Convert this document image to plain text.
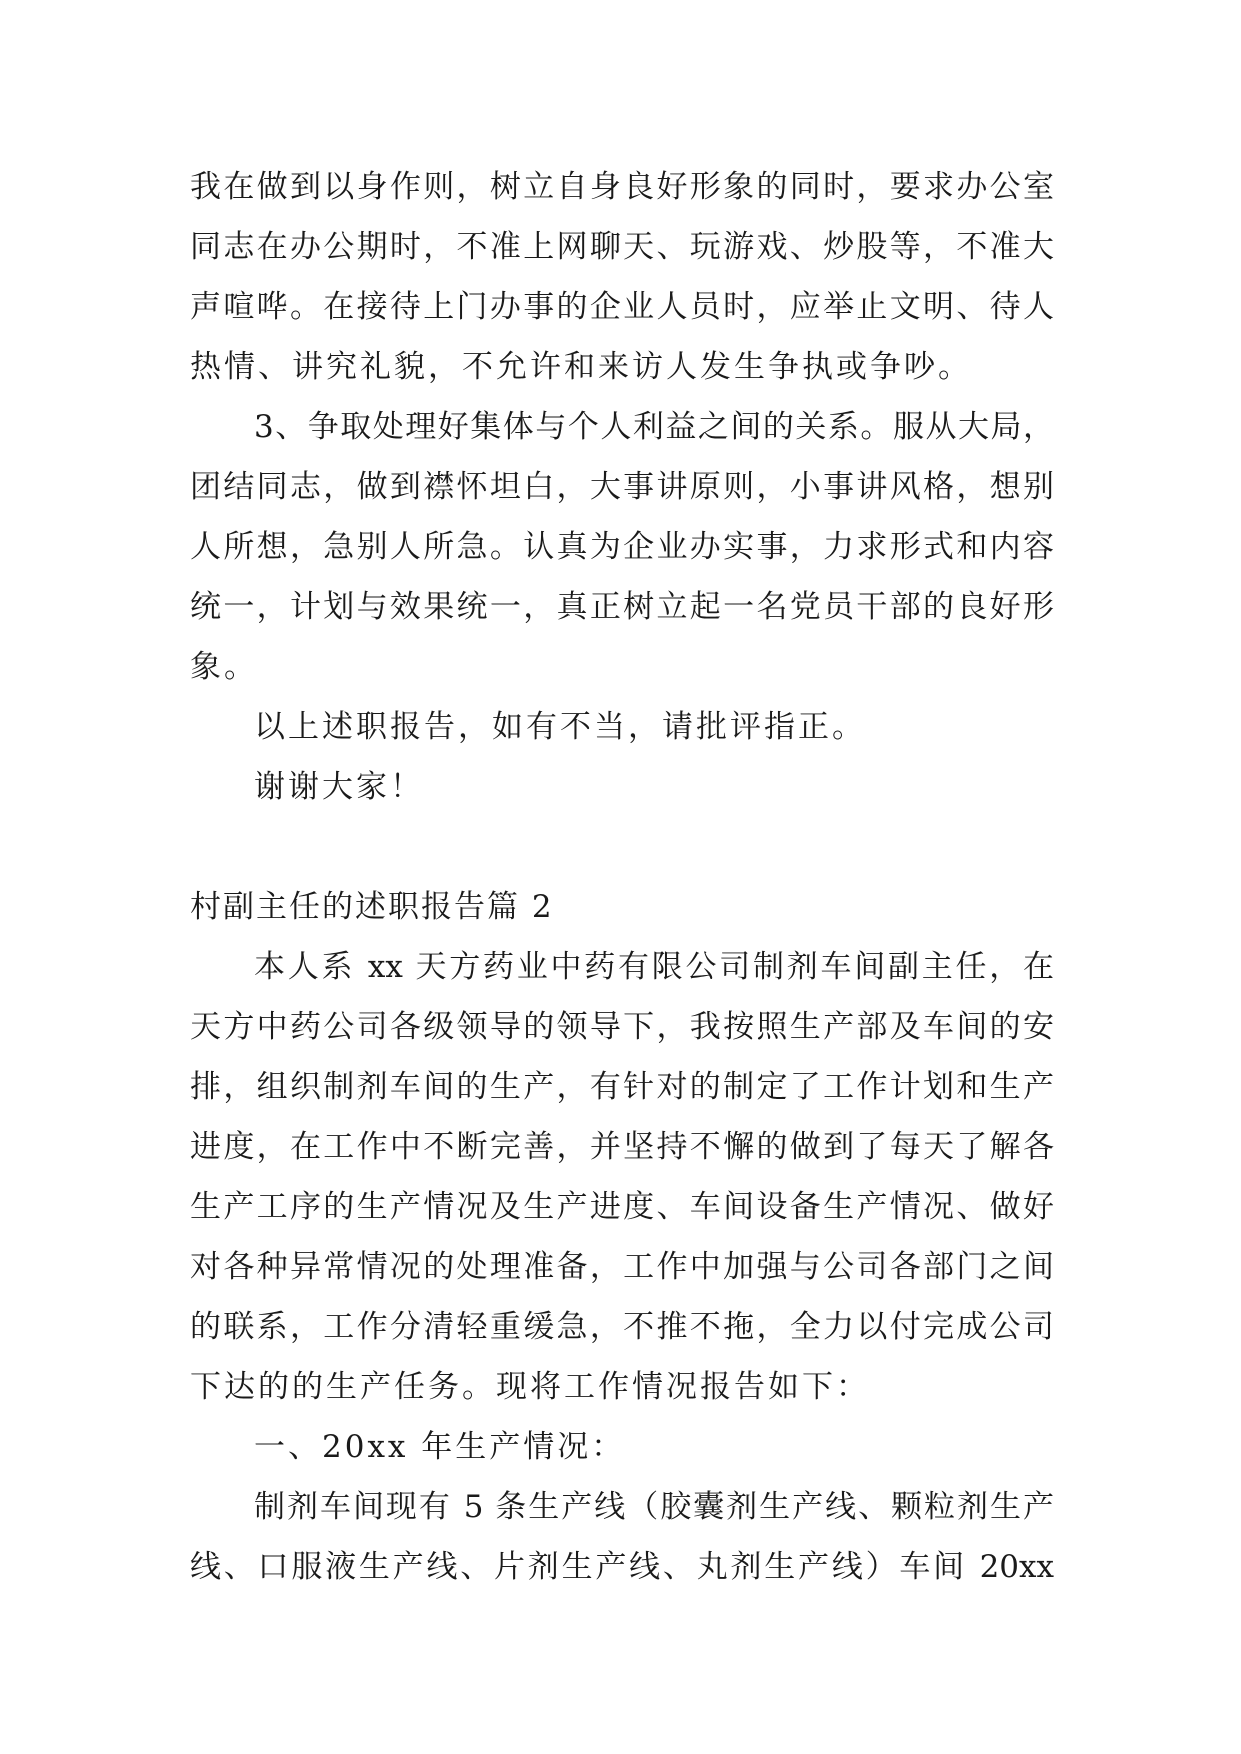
我在做到以身作则，树立自身良好形象的同时，要求办公室
同志在办公期时，不准上网聊天、玩游戏、炒股等，不准大
声喧哗。在接待上门办事的企业人员时，应举止文明、待人
热情、讲究礼貌，不允许和来访人发生争执或争吵。
3、争取处理好集体与个人利益之间的关系。服从大局，
团结同志，做到襟怀坦白，大事讲原则，小事讲风格，想别
人所想，急别人所急。认真为企业办实事，力求形式和内容
统一，计划与效果统一，真正树立起一名党员干部的良好形
象。
以上述职报告，如有不当，请批评指正。
谢谢大家！
村副主任的述职报告篇 2
本人系 xx 天方药业中药有限公司制剂车间副主任，在
天方中药公司各级领导的领导下，我按照生产部及车间的安
排，组织制剂车间的生产，有针对的制定了工作计划和生产
进度，在工作中不断完善，并坚持不懈的做到了每天了解各
生产工序的生产情况及生产进度、车间设备生产情况、做好
对各种异常情况的处理准备，工作中加强与公司各部门之间
的联系，工作分清轻重缓急，不推不拖，全力以付完成公司
下达的的生产任务。现将工作情况报告如下：
一、20xx 年生产情况：
制剂车间现有 5 条生产线（胶囊剂生产线、颗粒剂生产
线、口服液生产线、片剂生产线、丸剂生产线）车间 20xx
